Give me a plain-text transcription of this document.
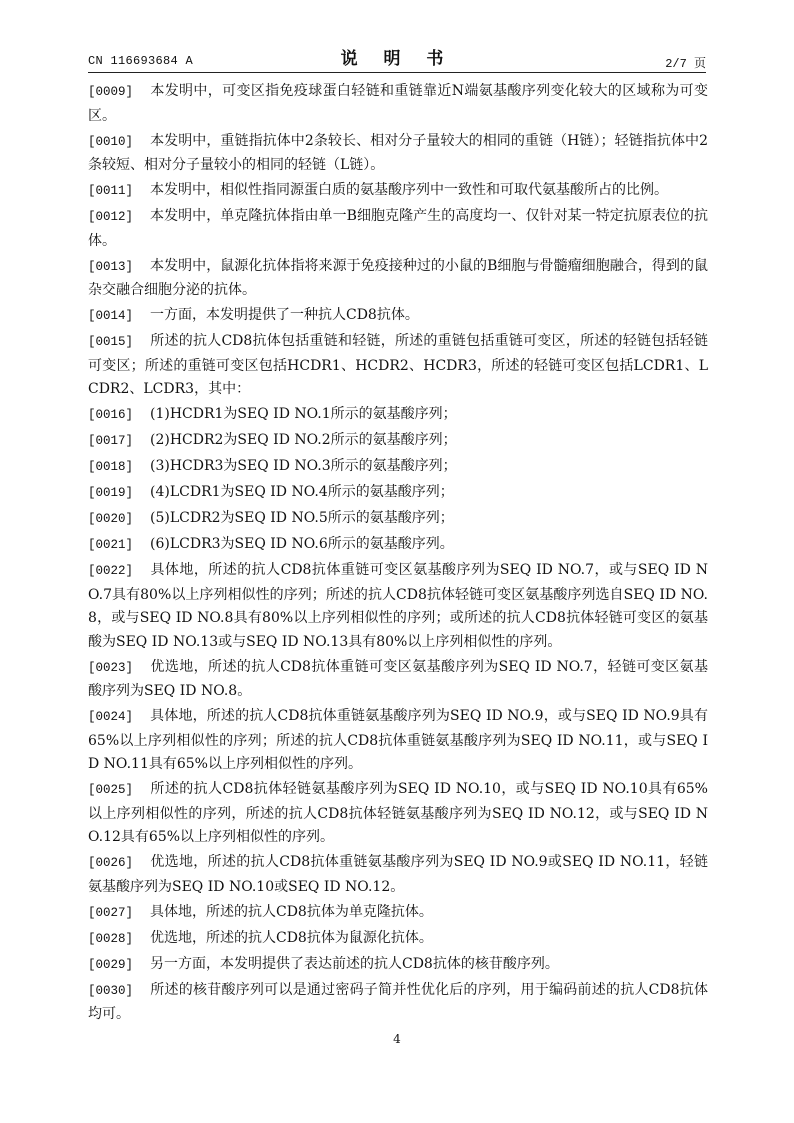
CN 116693684 A	说 明 书	2/7 页

[0009] 本发明中，可变区指免疫球蛋白轻链和重链靠近N端氨基酸序列变化较大的区域称为可变区。

[0010] 本发明中，重链指抗体中2条较长、相对分子量较大的相同的重链（H链）；轻链指抗体中2条较短、相对分子量较小的相同的轻链（L链）。

[0011] 本发明中，相似性指同源蛋白质的氨基酸序列中一致性和可取代氨基酸所占的比例。

[0012] 本发明中，单克隆抗体指由单一B细胞克隆产生的高度均一、仅针对某一特定抗原表位的抗体。

[0013] 本发明中，鼠源化抗体指将来源于免疫接种过的小鼠的B细胞与骨髓瘤细胞融合，得到的鼠杂交融合细胞分泌的抗体。

[0014] 一方面，本发明提供了一种抗人CD8抗体。

[0015] 所述的抗人CD8抗体包括重链和轻链，所述的重链包括重链可变区，所述的轻链包括轻链可变区；所述的重链可变区包括HCDR1、HCDR2、HCDR3，所述的轻链可变区包括LCDR1、LCDR2、LCDR3，其中：

[0016] (1)HCDR1为SEQ ID NO.1所示的氨基酸序列；

[0017] (2)HCDR2为SEQ ID NO.2所示的氨基酸序列；

[0018] (3)HCDR3为SEQ ID NO.3所示的氨基酸序列；

[0019] (4)LCDR1为SEQ ID NO.4所示的氨基酸序列；

[0020] (5)LCDR2为SEQ ID NO.5所示的氨基酸序列；

[0021] (6)LCDR3为SEQ ID NO.6所示的氨基酸序列。

[0022] 具体地，所述的抗人CD8抗体重链可变区氨基酸序列为SEQ ID NO.7，或与SEQ ID NO.7具有80%以上序列相似性的序列；所述的抗人CD8抗体轻链可变区氨基酸序列选自SEQ ID NO.8，或与SEQ ID NO.8具有80%以上序列相似性的序列；或所述的抗人CD8抗体轻链可变区的氨基酸为SEQ ID NO.13或与SEQ ID NO.13具有80%以上序列相似性的序列。

[0023] 优选地，所述的抗人CD8抗体重链可变区氨基酸序列为SEQ ID NO.7，轻链可变区氨基酸序列为SEQ ID NO.8。

[0024] 具体地，所述的抗人CD8抗体重链氨基酸序列为SEQ ID NO.9，或与SEQ ID NO.9具有65%以上序列相似性的序列；所述的抗人CD8抗体重链氨基酸序列为SEQ ID NO.11，或与SEQ ID NO.11具有65%以上序列相似性的序列。

[0025] 所述的抗人CD8抗体轻链氨基酸序列为SEQ ID NO.10，或与SEQ ID NO.10具有65%以上序列相似性的序列，所述的抗人CD8抗体轻链氨基酸序列为SEQ ID NO.12，或与SEQ ID NO.12具有65%以上序列相似性的序列。

[0026] 优选地，所述的抗人CD8抗体重链氨基酸序列为SEQ ID NO.9或SEQ ID NO.11，轻链氨基酸序列为SEQ ID NO.10或SEQ ID NO.12。

[0027] 具体地，所述的抗人CD8抗体为单克隆抗体。

[0028] 优选地，所述的抗人CD8抗体为鼠源化抗体。

[0029] 另一方面，本发明提供了表达前述的抗人CD8抗体的核苷酸序列。

[0030] 所述的核苷酸序列可以是通过密码子简并性优化后的序列，用于编码前述的抗人CD8抗体均可。

4
